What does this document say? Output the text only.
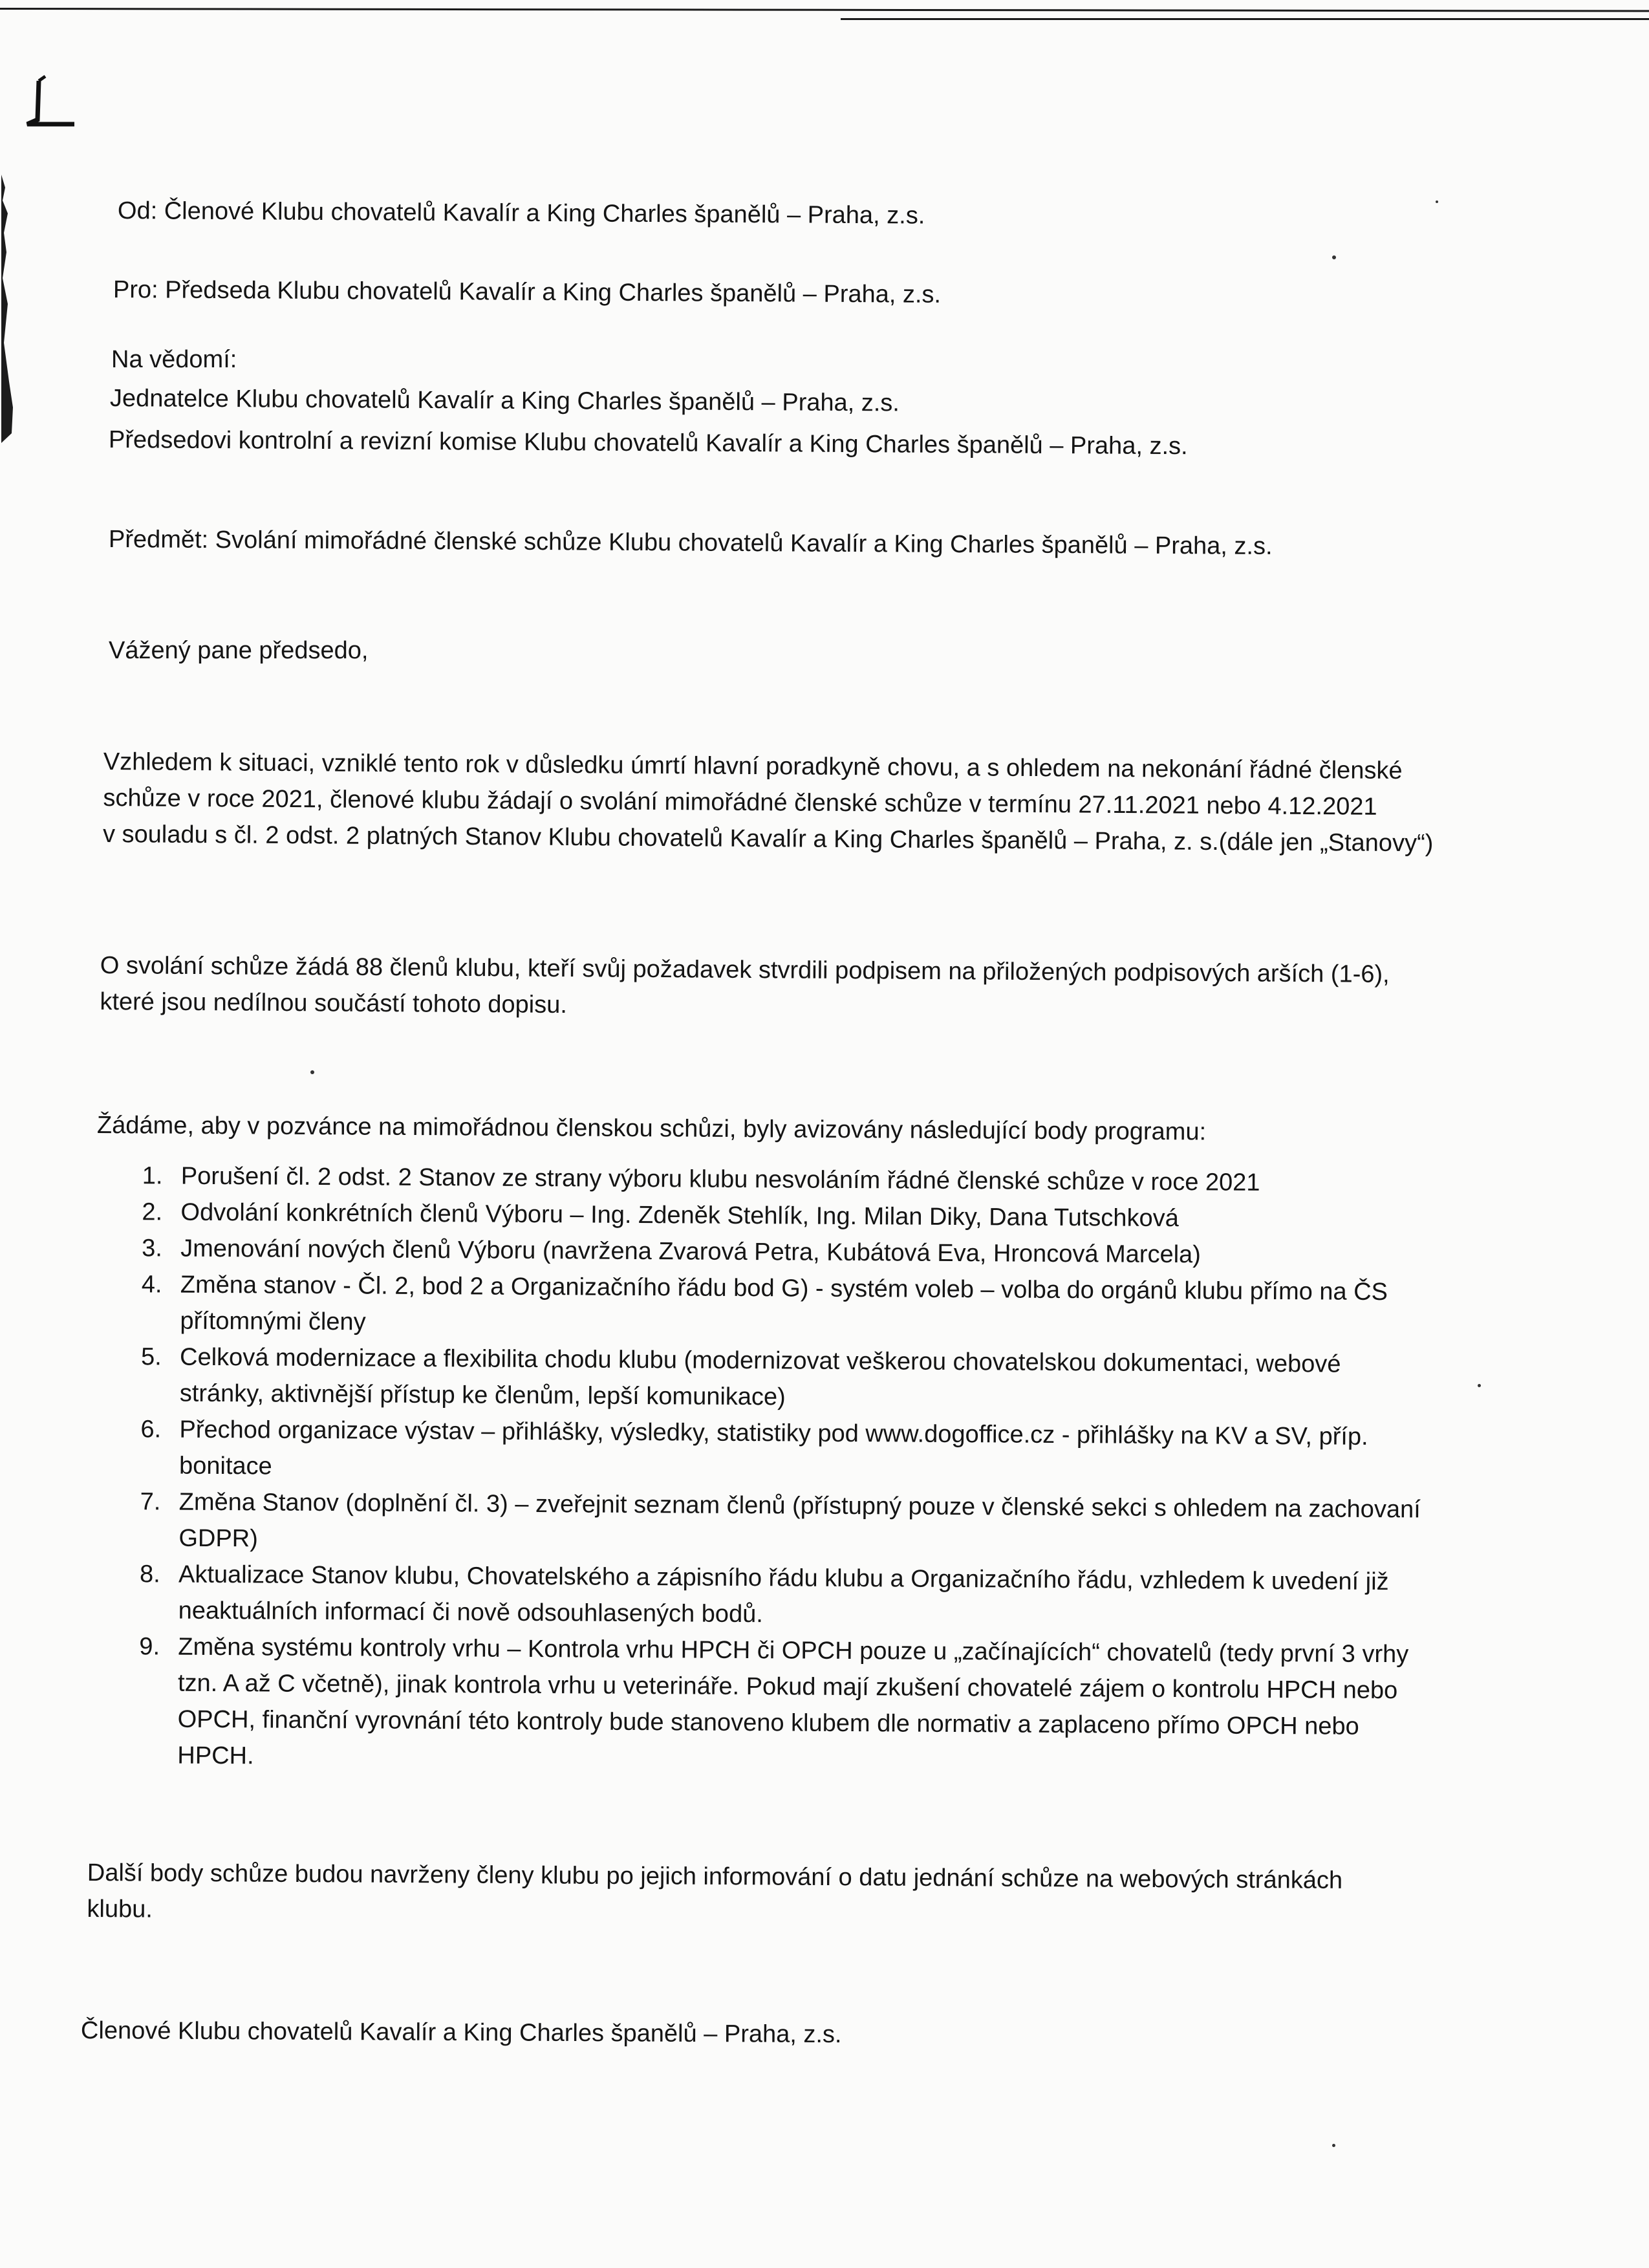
Od: Členové Klubu chovatelů Kavalír a King Charles španělů – Praha, z.s.
Pro: Předseda Klubu chovatelů Kavalír a King Charles španělů – Praha, z.s.
Na vědomí:
Jednatelce Klubu chovatelů Kavalír a King Charles španělů – Praha, z.s.
Předsedovi kontrolní a revizní komise Klubu chovatelů Kavalír a King Charles španělů – Praha, z.s.
Předmět: Svolání mimořádné členské schůze Klubu chovatelů Kavalír a King Charles španělů – Praha, z.s.
Vážený pane předsedo,
Vzhledem k situaci, vzniklé tento rok v důsledku úmrtí hlavní poradkyně chovu, a s ohledem na nekonání řádné členské
schůze v roce 2021, členové klubu žádají o svolání mimořádné členské schůze v termínu 27.11.2021 nebo 4.12.2021
v souladu s čl. 2 odst. 2 platných Stanov Klubu chovatelů Kavalír a King Charles španělů – Praha, z. s.(dále jen „Stanovy“)
O svolání schůze žádá 88 členů klubu, kteří svůj požadavek stvrdili podpisem na přiložených podpisových arších (1-6),
které jsou nedílnou součástí tohoto dopisu.
Žádáme, aby v pozvánce na mimořádnou členskou schůzi, byly avizovány následující body programu:
1. Porušení čl. 2 odst. 2 Stanov ze strany výboru klubu nesvoláním řádné členské schůze v roce 2021
2. Odvolání konkrétních členů Výboru – Ing. Zdeněk Stehlík, Ing. Milan Diky, Dana Tutschková
3. Jmenování nových členů Výboru (navržena Zvarová Petra, Kubátová Eva, Hroncová Marcela)
4. Změna stanov - Čl. 2, bod 2 a Organizačního řádu bod G) - systém voleb – volba do orgánů klubu přímo na ČS
přítomnými členy
5. Celková modernizace a flexibilita chodu klubu (modernizovat veškerou chovatelskou dokumentaci, webové
stránky, aktivnější přístup ke členům, lepší komunikace)
6. Přechod organizace výstav – přihlášky, výsledky, statistiky pod www.dogoffice.cz - přihlášky na KV a SV, příp.
bonitace
7. Změna Stanov (doplnění čl. 3) – zveřejnit seznam členů (přístupný pouze v členské sekci s ohledem na zachovaní
GDPR)
8. Aktualizace Stanov klubu, Chovatelského a zápisního řádu klubu a Organizačního řádu, vzhledem k uvedení již
neaktuálních informací či nově odsouhlasených bodů.
9. Změna systému kontroly vrhu – Kontrola vrhu HPCH či OPCH pouze u „začínajících“ chovatelů (tedy první 3 vrhy
tzn. A až C včetně), jinak kontrola vrhu u veterináře. Pokud mají zkušení chovatelé zájem o kontrolu HPCH nebo
OPCH, finanční vyrovnání této kontroly bude stanoveno klubem dle normativ a zaplaceno přímo OPCH nebo
HPCH.
Další body schůze budou navrženy členy klubu po jejich informování o datu jednání schůze na webových stránkách
klubu.
Členové Klubu chovatelů Kavalír a King Charles španělů – Praha, z.s.
